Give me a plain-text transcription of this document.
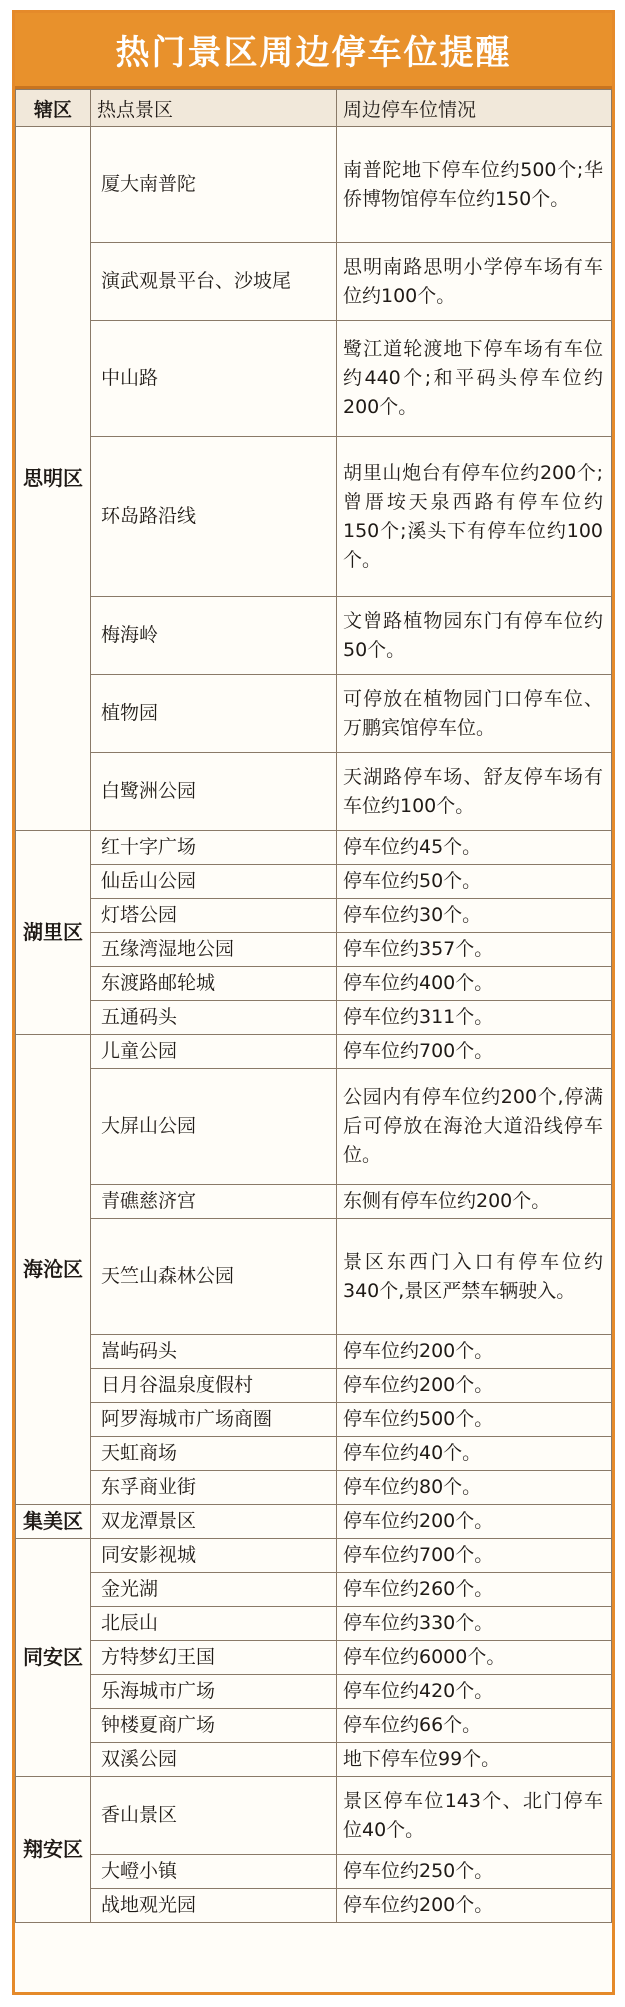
热门景区周边停车位提醒
辖区	热点景区	周边停车位情况
思明区	厦大南普陀	南普陀地下停车位约500个;华侨博物馆停车位约150个。
	演武观景平台、沙坡尾	思明南路思明小学停车场有车位约100个。
	中山路	鹭江道轮渡地下停车场有车位约440个;和平码头停车位约200个。
	环岛路沿线	胡里山炮台有停车位约200个;曾厝垵天泉西路有停车位约150个;溪头下有停车位约100个。
	梅海岭	文曾路植物园东门有停车位约50个。
	植物园	可停放在植物园门口停车位、万鹏宾馆停车位。
	白鹭洲公园	天湖路停车场、舒友停车场有车位约100个。
湖里区	红十字广场	停车位约45个。
	仙岳山公园	停车位约50个。
	灯塔公园	停车位约30个。
	五缘湾湿地公园	停车位约357个。
	东渡路邮轮城	停车位约400个。
	五通码头	停车位约311个。
海沧区	儿童公园	停车位约700个。
	大屏山公园	公园内有停车位约200个,停满后可停放在海沧大道沿线停车位。
	青礁慈济宫	东侧有停车位约200个。
	天竺山森林公园	景区东西门入口有停车位约340个,景区严禁车辆驶入。
	嵩屿码头	停车位约200个。
	日月谷温泉度假村	停车位约200个。
	阿罗海城市广场商圈	停车位约500个。
	天虹商场	停车位约40个。
	东孚商业街	停车位约80个。
集美区	双龙潭景区	停车位约200个。
同安区	同安影视城	停车位约700个。
	金光湖	停车位约260个。
	北辰山	停车位约330个。
	方特梦幻王国	停车位约6000个。
	乐海城市广场	停车位约420个。
	钟楼夏商广场	停车位约66个。
	双溪公园	地下停车位99个。
翔安区	香山景区	景区停车位143个、北门停车位40个。
	大嶝小镇	停车位约250个。
	战地观光园	停车位约200个。
